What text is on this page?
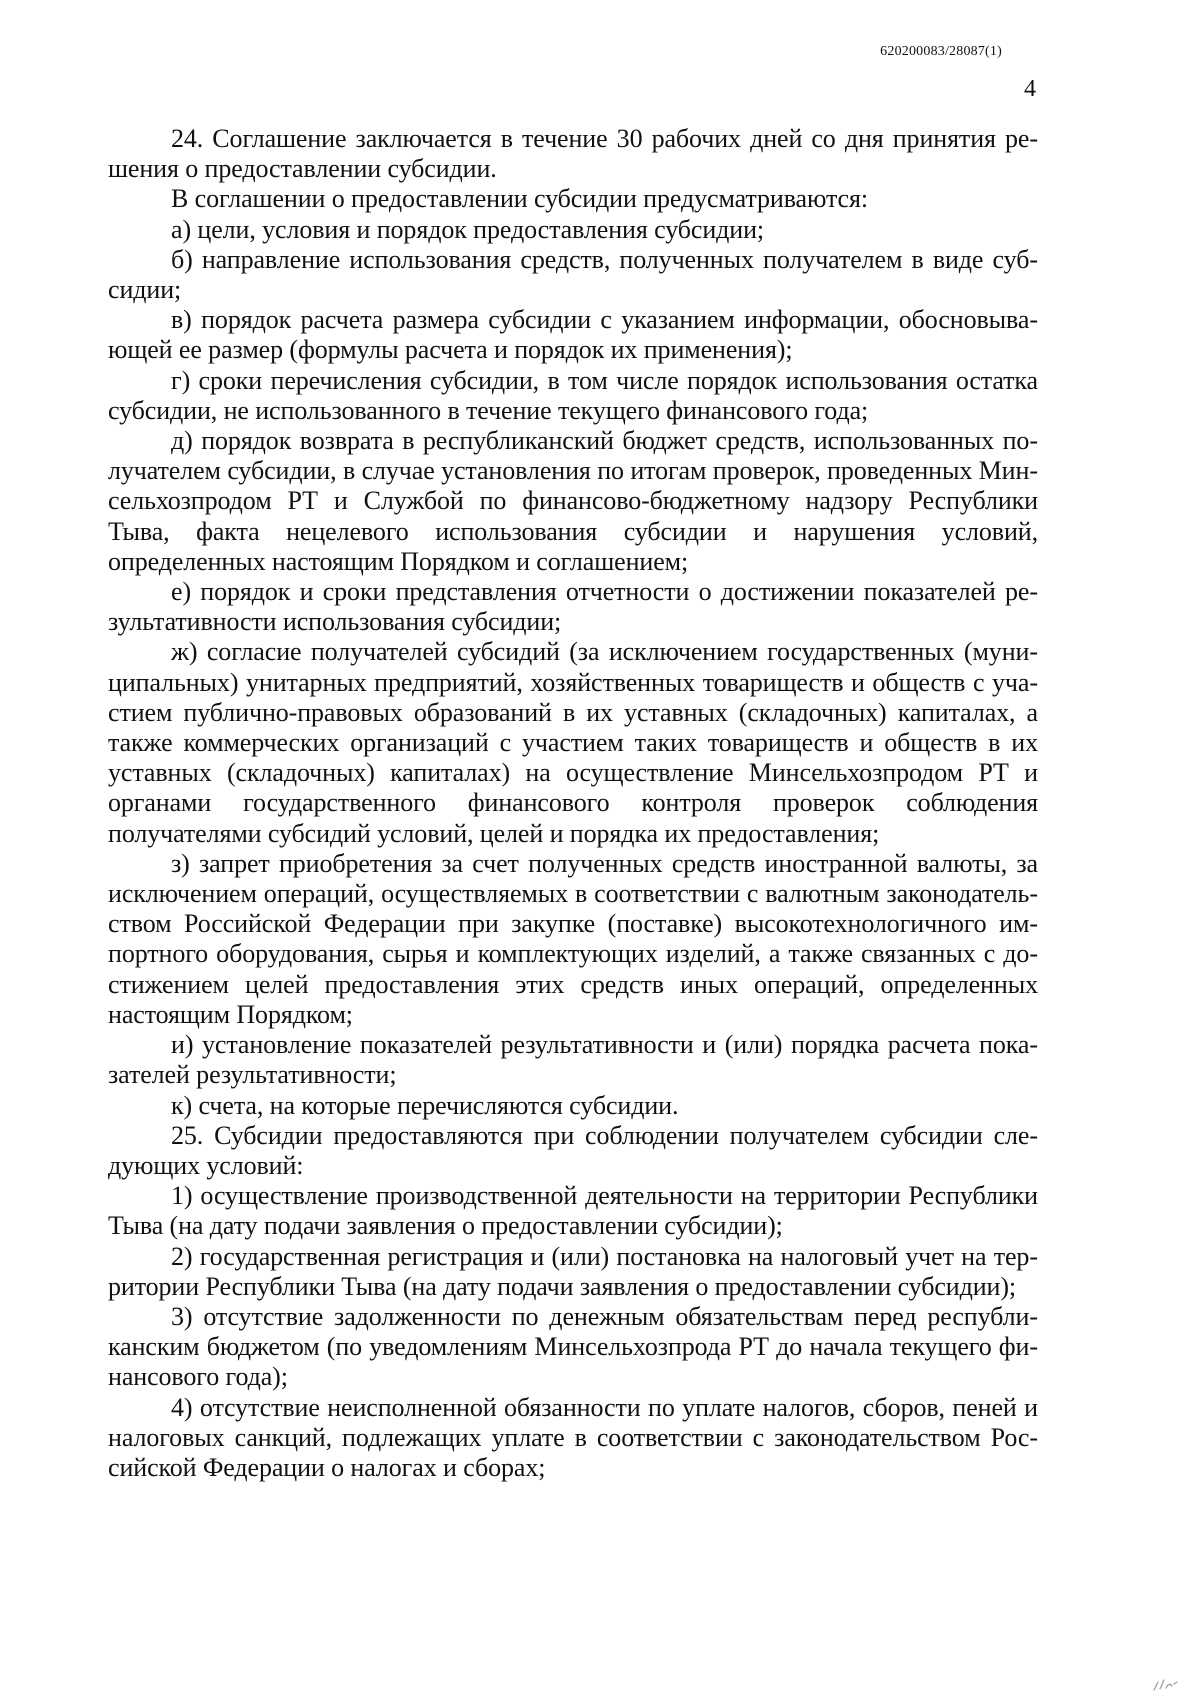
620200083/28087(1)
4

24. Соглашение заключается в течение 30 рабочих дней со дня принятия решения о предоставлении субсидии.

В соглашении о предоставлении субсидии предусматриваются:

а) цели, условия и порядок предоставления субсидии;

б) направление использования средств, полученных получателем в виде субсидии;

в) порядок расчета размера субсидии с указанием информации, обосновывающей ее размер (формулы расчета и порядок их применения);

г) сроки перечисления субсидии, в том числе порядок использования остатка субсидии, не использованного в течение текущего финансового года;

д) порядок возврата в республиканский бюджет средств, использованных получателем субсидии, в случае установления по итогам проверок, проведенных Минсельхозпродом РТ и Службой по финансово-бюджетному надзору Республики Тыва, факта нецелевого использования субсидии и нарушения условий, определенных настоящим Порядком и соглашением;

е) порядок и сроки представления отчетности о достижении показателей результативности использования субсидии;

ж) согласие получателей субсидий (за исключением государственных (муниципальных) унитарных предприятий, хозяйственных товариществ и обществ с участием публично-правовых образований в их уставных (складочных) капиталах, а также коммерческих организаций с участием таких товариществ и обществ в их уставных (складочных) капиталах) на осуществление Минсельхозпродом РТ и органами государственного финансового контроля проверок соблюдения получателями субсидий условий, целей и порядка их предоставления;

з) запрет приобретения за счет полученных средств иностранной валюты, за исключением операций, осуществляемых в соответствии с валютным законодательством Российской Федерации при закупке (поставке) высокотехнологичного импортного оборудования, сырья и комплектующих изделий, а также связанных с достижением целей предоставления этих средств иных операций, определенных настоящим Порядком;

и) установление показателей результативности и (или) порядка расчета показателей результативности;

к) счета, на которые перечисляются субсидии.

25. Субсидии предоставляются при соблюдении получателем субсидии следующих условий:

1) осуществление производственной деятельности на территории Республики Тыва (на дату подачи заявления о предоставлении субсидии);

2) государственная регистрация и (или) постановка на налоговый учет на территории Республики Тыва (на дату подачи заявления о предоставлении субсидии);

3) отсутствие задолженности по денежным обязательствам перед республиканским бюджетом (по уведомлениям Минсельхозпрода РТ до начала текущего финансового года);

4) отсутствие неисполненной обязанности по уплате налогов, сборов, пеней и налоговых санкций, подлежащих уплате в соответствии с законодательством Российской Федерации о налогах и сборах;
